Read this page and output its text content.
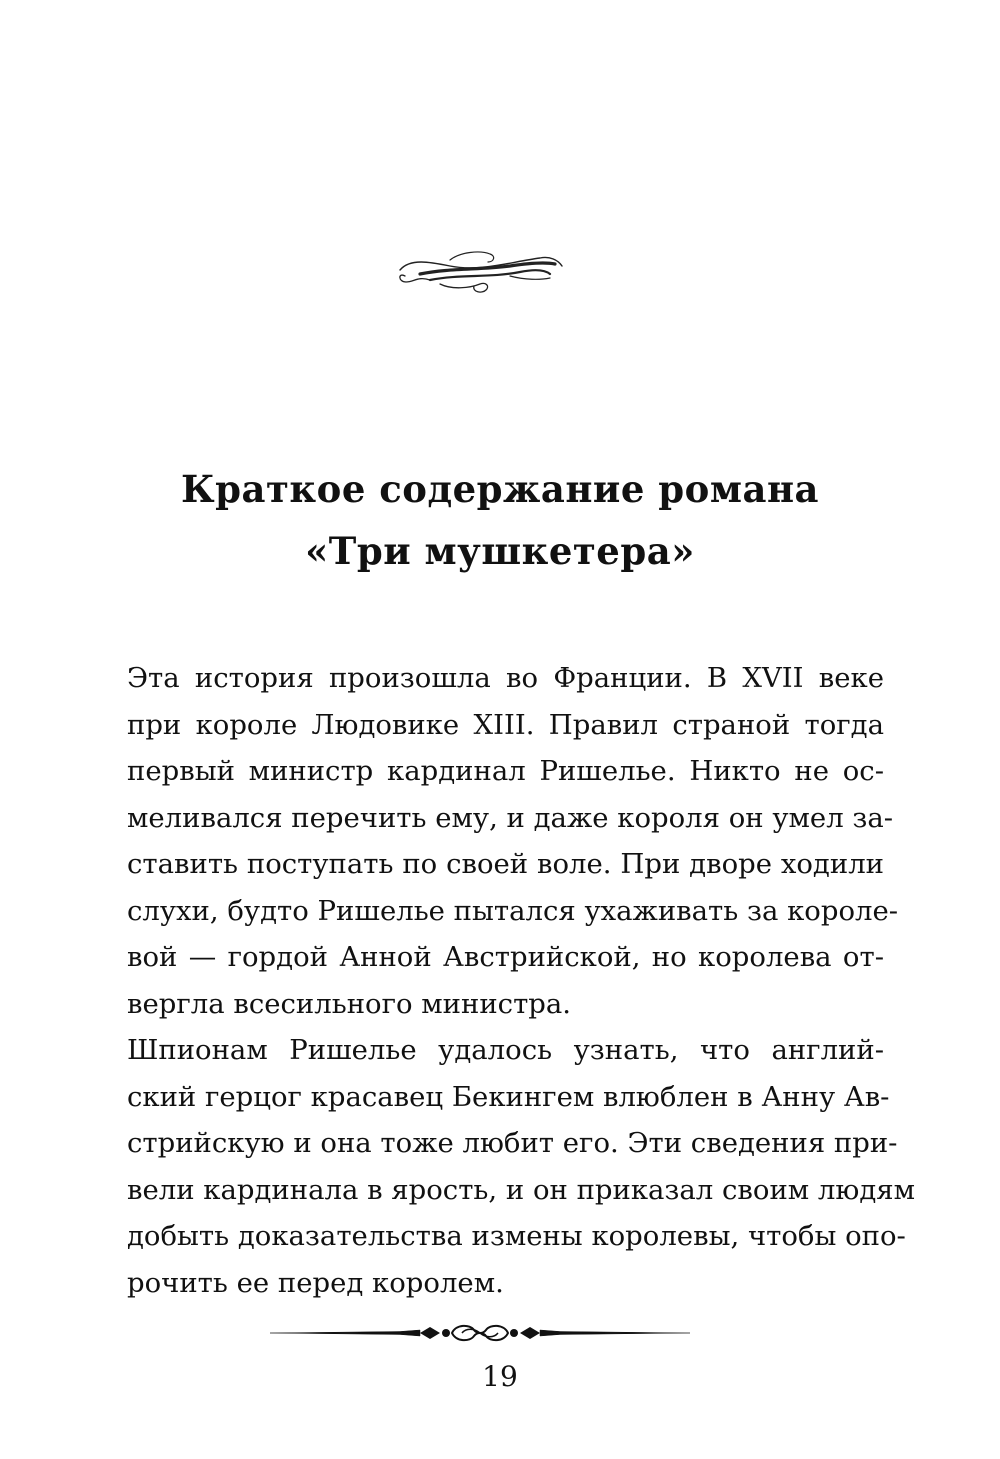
Краткое содержание романа
«Три мушкетера»

Эта история произошла во Франции. В XVII веке
при короле Людовике XIII. Правил страной тогда
первый министр кардинал Ришелье. Никто не ос-
меливался перечить ему, и даже короля он умел за-
ставить поступать по своей воле. При дворе ходили
слухи, будто Ришелье пытался ухаживать за короле-
вой — гордой Анной Австрийской, но королева от-
вергла всесильного министра.

Шпионам Ришелье удалось узнать, что англий-
ский герцог красавец Бекингем влюблен в Анну Ав-
стрийскую и она тоже любит его. Эти сведения при-
вели кардинала в ярость, и он приказал своим людям
добыть доказательства измены королевы, чтобы опо-
рочить ее перед королем.

19
